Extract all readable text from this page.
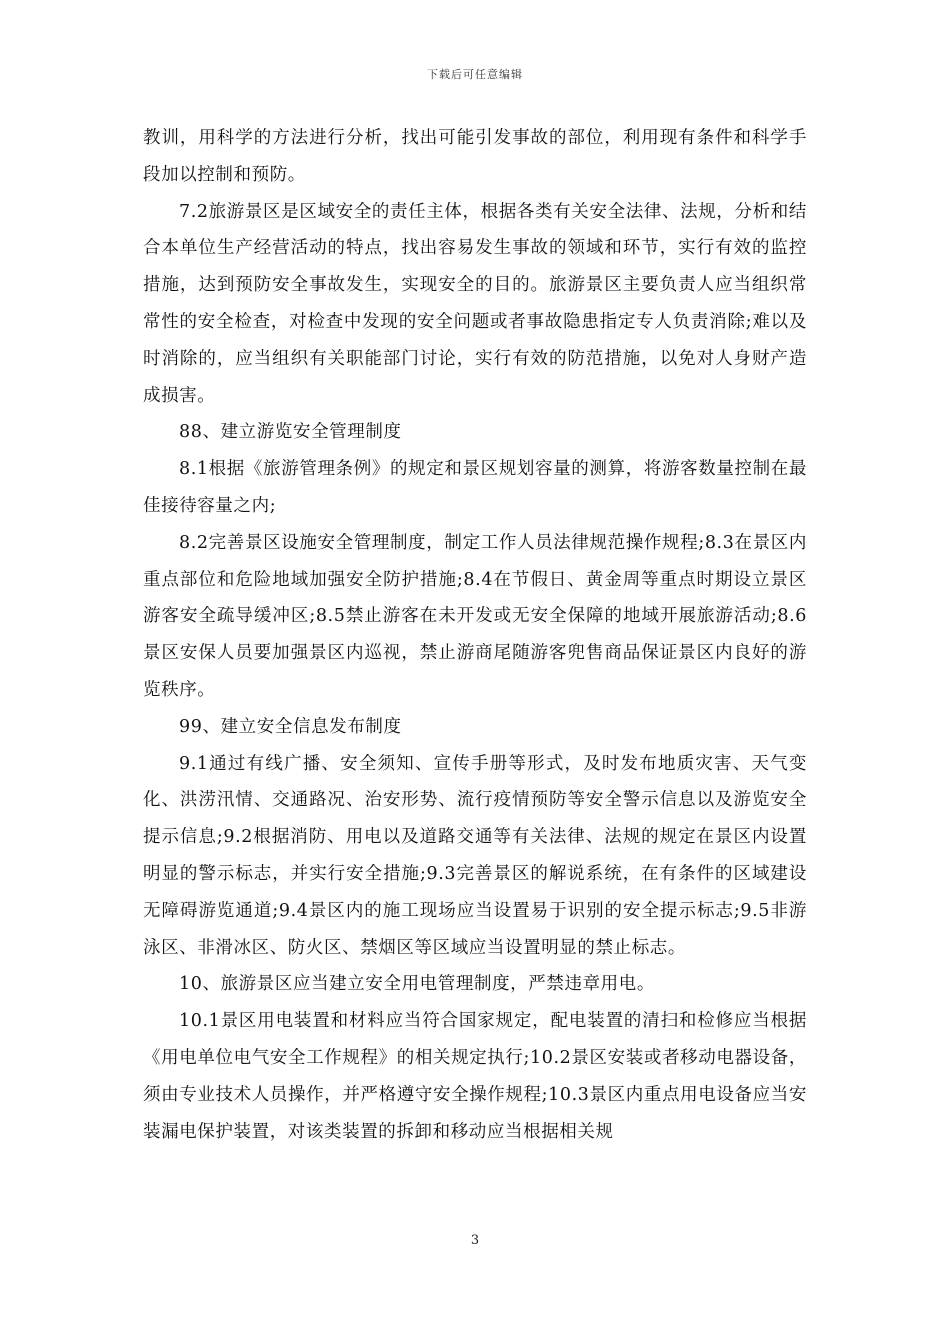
下载后可任意编辑

教训，用科学的方法进行分析，找出可能引发事故的部位，利用现有条件和科学手段加以控制和预防。

7.2旅游景区是区域安全的责任主体，根据各类有关安全法律、法规，分析和结合本单位生产经营活动的特点，找出容易发生事故的领域和环节，实行有效的监控措施，达到预防安全事故发生，实现安全的目的。旅游景区主要负责人应当组织常常性的安全检查，对检查中发现的安全问题或者事故隐患指定专人负责消除;难以及时消除的，应当组织有关职能部门讨论，实行有效的防范措施，以免对人身财产造成损害。

88、建立游览安全管理制度

8.1根据《旅游管理条例》的规定和景区规划容量的测算，将游客数量控制在最佳接待容量之内;

8.2完善景区设施安全管理制度，制定工作人员法律规范操作规程;8.3在景区内重点部位和危险地域加强安全防护措施;8.4在节假日、黄金周等重点时期设立景区游客安全疏导缓冲区;8.5禁止游客在未开发或无安全保障的地域开展旅游活动;8.6景区安保人员要加强景区内巡视，禁止游商尾随游客兜售商品保证景区内良好的游览秩序。

99、建立安全信息发布制度

9.1通过有线广播、安全须知、宣传手册等形式，及时发布地质灾害、天气变化、洪涝汛情、交通路况、治安形势、流行疫情预防等安全警示信息以及游览安全提示信息;9.2根据消防、用电以及道路交通等有关法律、法规的规定在景区内设置明显的警示标志，并实行安全措施;9.3完善景区的解说系统，在有条件的区域建设无障碍游览通道;9.4景区内的施工现场应当设置易于识别的安全提示标志;9.5非游泳区、非滑冰区、防火区、禁烟区等区域应当设置明显的禁止标志。

10、旅游景区应当建立安全用电管理制度，严禁违章用电。

10.1景区用电装置和材料应当符合国家规定，配电装置的清扫和检修应当根据《用电单位电气安全工作规程》的相关规定执行;10.2景区安装或者移动电器设备，须由专业技术人员操作，并严格遵守安全操作规程;10.3景区内重点用电设备应当安装漏电保护装置，对该类装置的拆卸和移动应当根据相关规

3
